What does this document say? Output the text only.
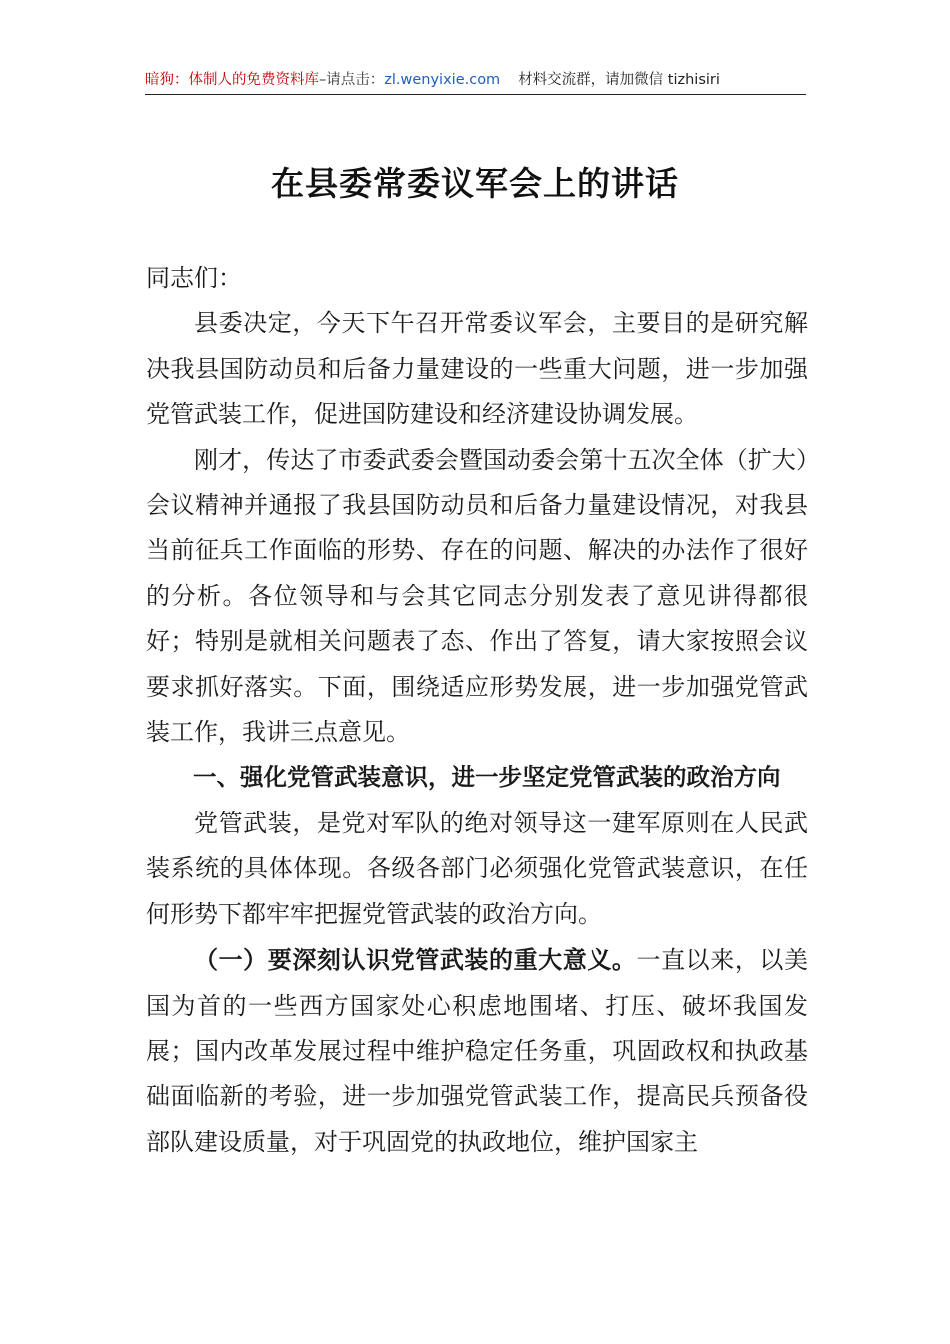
暗狗：体制人的免费资料库 –请点击： zl.wenyixie.com 材料交流群，请加微信 tizhisiri
在县委常委议军会上的讲话

同志们：

县委决定，今天下午召开常委议军会，主要目的是研究解决我县国防动员和后备力量建设的一些重大问题，进一步加强党管武装工作，促进国防建设和经济建设协调发展。

刚才，传达了市委武委会暨国动委会第十五次全体（扩大）会议精神并通报了我县国防动员和后备力量建设情况，对我县当前征兵工作面临的形势、存在的问题、解决的办法作了很好的分析。各位领导和与会其它同志分别发表了意见讲得都很好；特别是就相关问题表了态、作出了答复，请大家按照会议要求抓好落实。下面，围绕适应形势发展，进一步加强党管武装工作，我讲三点意见。

一、强化党管武装意识，进一步坚定党管武装的政治方向

党管武装，是党对军队的绝对领导这一建军原则在人民武装系统的具体体现。各级各部门必须强化党管武装意识，在任何形势下都牢牢把握党管武装的政治方向。

（一）要深刻认识党管武装的重大意义。一直以来，以美国为首的一些西方国家处心积虑地围堵、打压、破坏我国发展；国内改革发展过程中维护稳定任务重，巩固政权和执政基础面临新的考验，进一步加强党管武装工作，提高民兵预备役部队建设质量，对于巩固党的执政地位，维护国家主
